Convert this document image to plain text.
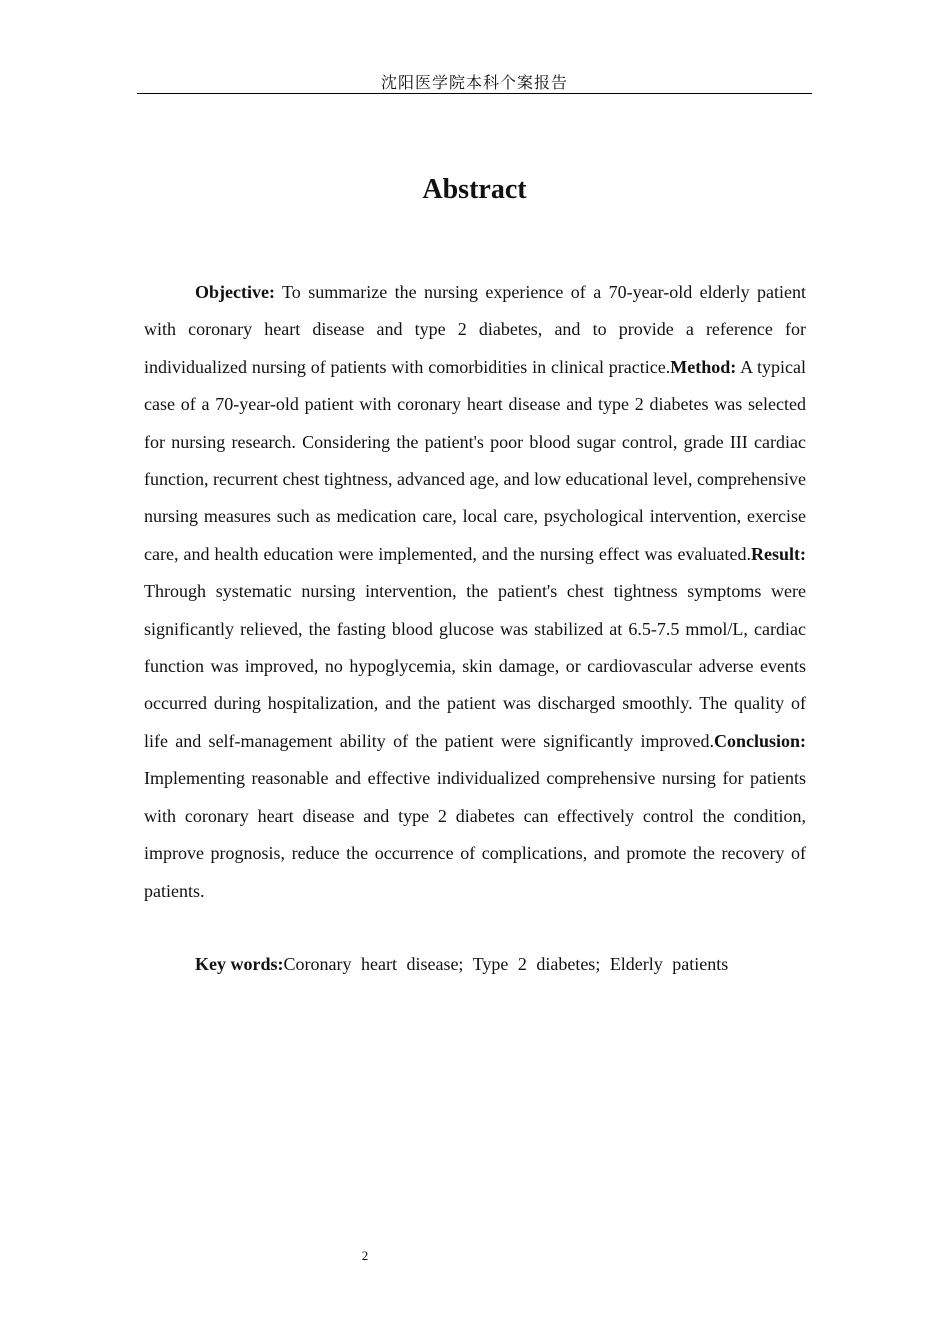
沈阳医学院本科个案报告
Abstract

Objective: To summarize the nursing experience of a 70-year-old elderly patient with coronary heart disease and type 2 diabetes, and to provide a reference for individualized nursing of patients with comorbidities in clinical practice.Method: A typical case of a 70-year-old patient with coronary heart disease and type 2 diabetes was selected for nursing research. Considering the patient's poor blood sugar control, grade III cardiac function, recurrent chest tightness, advanced age, and low educational level, comprehensive nursing measures such as medication care, local care, psychological intervention, exercise care, and health education were implemented, and the nursing effect was evaluated.Result: Through systematic nursing intervention, the patient's chest tightness symptoms were significantly relieved, the fasting blood glucose was stabilized at 6.5-7.5 mmol/L, cardiac function was improved, no hypoglycemia, skin damage, or cardiovascular adverse events occurred during hospitalization, and the patient was discharged smoothly. The quality of life and self-management ability of the patient were significantly improved.Conclusion: Implementing reasonable and effective individualized comprehensive nursing for patients with coronary heart disease and type 2 diabetes can effectively control the condition, improve prognosis, reduce the occurrence of complications, and promote the recovery of patients.

Key words:Coronary heart disease; Type 2 diabetes; Elderly patients

2
